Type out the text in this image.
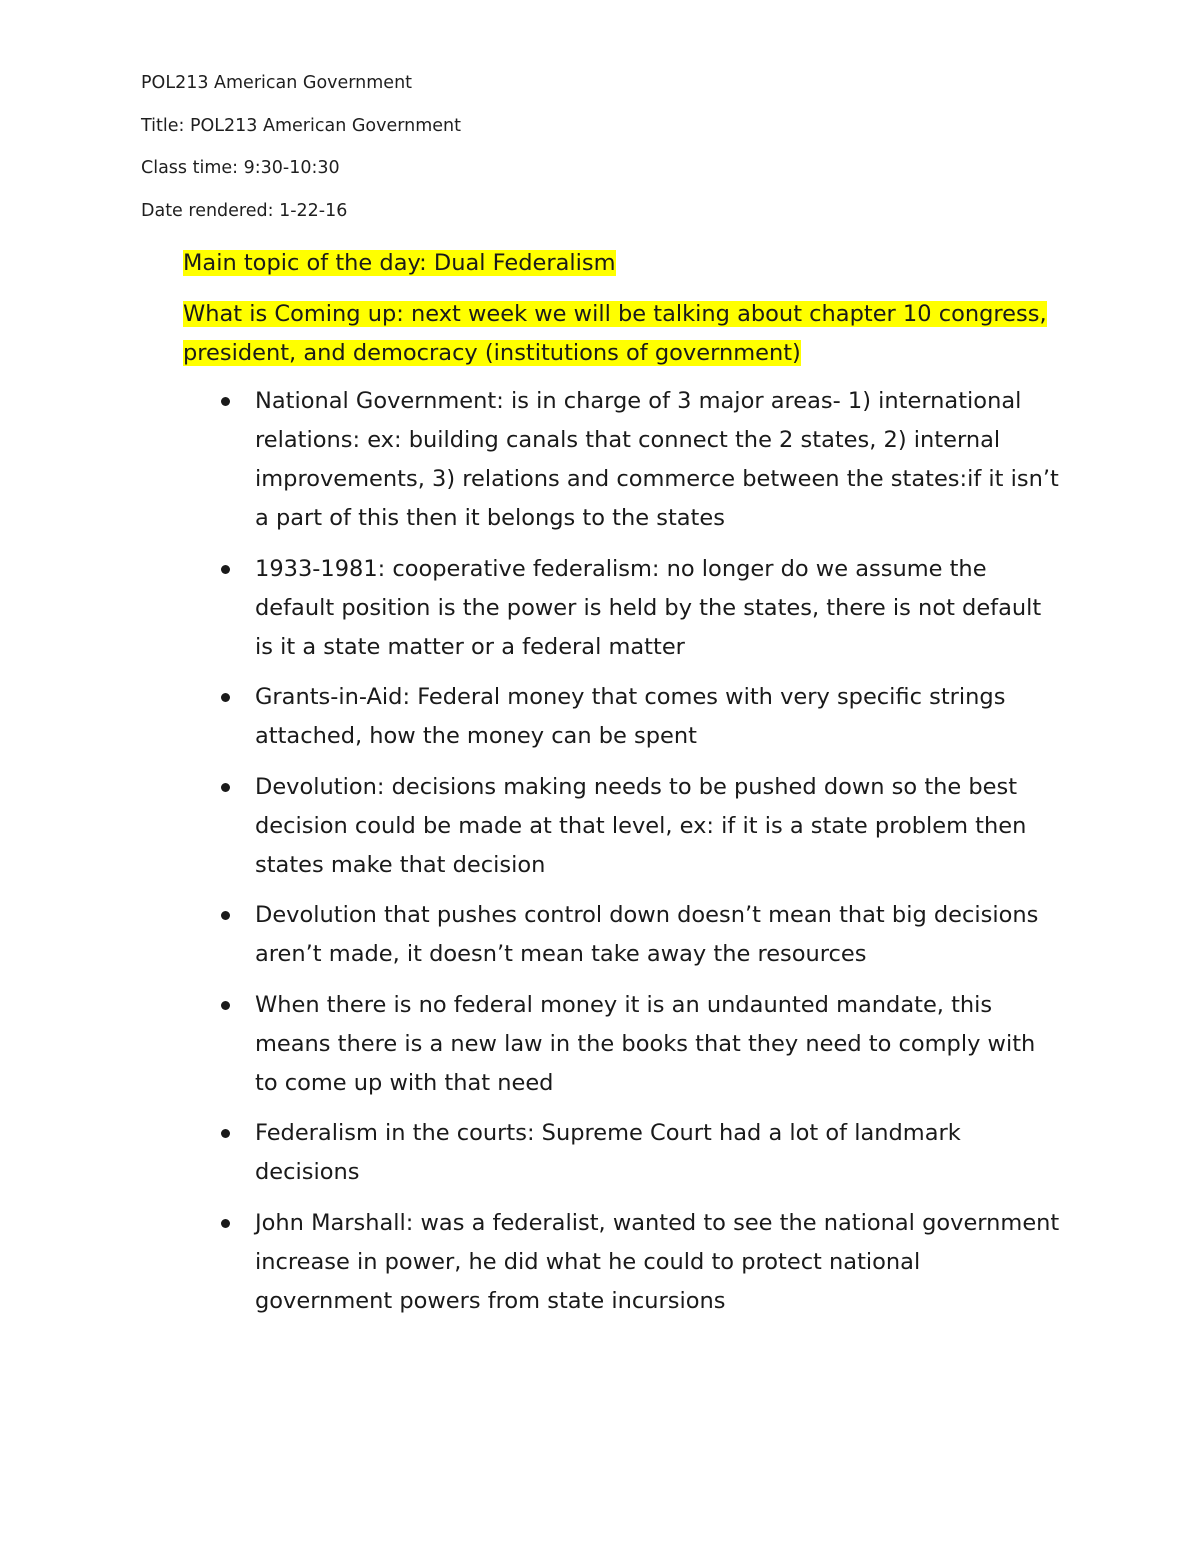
POL213 American Government
Title: POL213 American Government
Class time: 9:30-10:30
Date rendered: 1-22-16

Main topic of the day: Dual Federalism

What is Coming up: next week we will be talking about chapter 10 congress, president, and democracy (institutions of government)

National Government: is in charge of 3 major areas- 1) international relations: ex: building canals that connect the 2 states, 2) internal improvements, 3) relations and commerce between the states:if it isn’t a part of this then it belongs to the states
1933-1981: cooperative federalism: no longer do we assume the default position is the power is held by the states, there is not default is it a state matter or a federal matter
Grants-in-Aid: Federal money that comes with very specific strings attached, how the money can be spent
Devolution: decisions making needs to be pushed down so the best decision could be made at that level, ex: if it is a state problem then states make that decision
Devolution that pushes control down doesn’t mean that big decisions aren’t made, it doesn’t mean take away the resources
When there is no federal money it is an undaunted mandate, this means there is a new law in the books that they need to comply with to come up with that need
Federalism in the courts: Supreme Court had a lot of landmark decisions
John Marshall: was a federalist, wanted to see the national government increase in power, he did what he could to protect national government powers from state incursions
